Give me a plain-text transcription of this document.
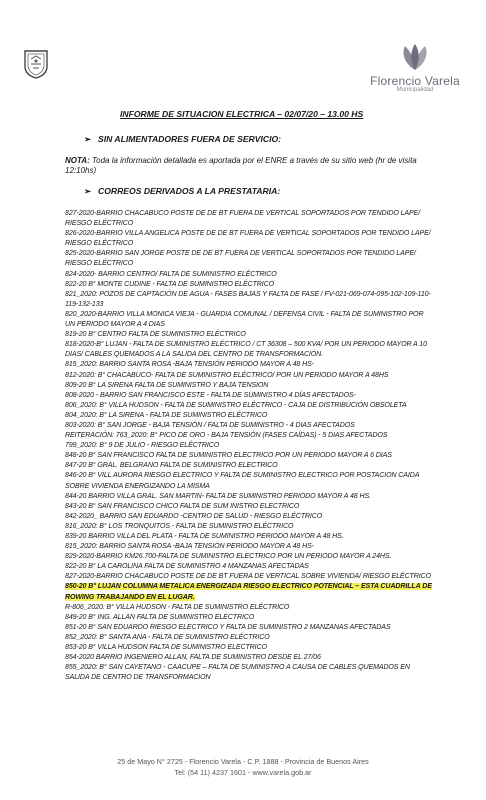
Florencio Varela
Municipalidad
INFORME DE SITUACION ELECTRICA – 02/07/20 – 13.00 HS
➢ SIN ALIMENTADORES FUERA DE SERVICIO:
NOTA: Toda la información detallada es aportada por el ENRE a través de su sitio web (hr de visita 12:10hs)
➢ CORREOS DERIVADOS A LA PRESTATARIA:

827-2020-BARRIO CHACABUCO POSTE DE DE BT FUERA DE VERTICAL SOPORTADOS POR TENDIDO LAPE/ RIESGO ELÉCTRICO

826-2020-BARRIO VILLA ANGELICA POSTE DE DE BT FUERA DE VERTICAL SOPORTADOS POR TENDIDO LAPE/ RIESGO ELÉCTRICO

825-2020-BARRIO SAN JORGE POSTE DE DE BT FUERA DE VERTICAL SOPORTADOS POR TENDIDO LAPE/ RIESGO ELÉCTRICO

824-2020- BARRIO CENTRO/ FALTA DE SUMINISTRO ELÉCTRICO

822-20 B° MONTE CUDINE - FALTA DE SUMINISTRO ELÉCTRICO

821_2020: POZOS DE CAPTACIÓN DE AGUA - FASES BAJAS Y FALTA DE FASE / FV-021-069-074-095-102-109-110-119-132-133

820_2020-BARRIO VILLA MONICA VIEJA - GUARDIA COMUNAL / DEFENSA CIVIL - FALTA DE SUMINISTRO POR UN PERIODO MAYOR A 4 DIAS

819-20 B° CENTRO FALTA DE SUMINISTRO ELÉCTRICO

818-2020-B° LUJAN - FALTA DE SUMINISTRO ELÉCTRICO / CT 36308 – 500 KVA/ POR UN PERIODO MAYOR A 10 DIAS/ CABLES QUEMADOS A LA SALIDA DEL CENTRO DE TRANSFORMACIÓN.

815_2020: BARRIO SANTA ROSA -BAJA TENSIÓN PERIODO MAYOR A 48 HS-

812-2020: B° CHACABUCO- FALTA DE SUMINISTRO ELÉCTRICO/ POR UN PERIODO MAYOR A 48HS

809-20 B° LA SIRENA FALTA DE SUMINISTRO Y BAJA TENSION

808-2020 - BARRIO SAN FRANCISCO ESTE - FALTA DE SUMINISTRO 4 DÍAS AFECTADOS-

806_2020: B° VILLA HUDSON - FALTA DE SUMINISTRO ELÉCTRICO - CAJA DE DISTRIBUCIÓN OBSOLETA

804_2020: B° LA SIRENA - FALTA DE SUMINISTRO ELÉCTRICO

803-2020: B° SAN JORGE - BAJA TENSIÓN / FALTA DE SUMINISTRO - 4 DIAS AFECTADOS

REITERACIÓN: 763_2020: B° PICO DE ORO - BAJA TENSIÓN (FASES CAÍDAS) - 5 DIAS AFECTADOS

799_2020: B° 9 DE JULIO - RIESGO ELÉCTRICO

848-20 B° SAN FRANCISCO FALTA DE SUMINISTRO ELECTRICO POR UN PERIODO MAYOR A 6 DIAS

847-20 B° GRAL. BELGRANO FALTA DE SUMINISTRO ELECTRICO

846-20 B° VILL AURORA RIESGO ELECTRICO Y FALTA DE SUMINISTRO ELECTRICO POR POSTACION CAIDA SOBRE VIVIENDA ENERGIZANDO LA MISMA

844-20 BARRIO VILLA GRAL. SAN MARTIN- FALTA DE SUMINISTRO PERIODO MAYOR A 48 HS.

843-20 B° SAN FRANCISCO CHICO FALTA DE SUM INISTRO ELECTRICO

842-2020_ BARRIO SAN EDUARDO -CENTRO DE SALUD - RIESGO ELÉCTRICO

816_2020: B° LOS TRONQUITOS - FALTA DE SUMINISTRO ELÉCTRICO

839-20 BARRIO VILLA DEL PLATA - FALTA DE SUMINISTRO PERIODO MAYOR A 48 HS.

815_2020: BARRIO SANTA ROSA -BAJA TENSIÓN PERIODO MAYOR A 48 HS-

829-2020-BARRIO KM26.700-FALTA DE SUMINISTRO ELECTRICO POR UN PERIODO MAYOR A 24HS.

822-20 B° LA CAROLINA FALTA DE SUMINISTRO 4 MANZANAS AFECTADAS

827-2020-BARRIO CHACABUCO POSTE DE DE BT FUERA DE VERTICAL SOBRE VIVIENDA/ RIESGO ELÉCTRICO

850-20 B° LUJAN COLUMNA METALICA ENERGIZADA RIESGO ELECTRICO POTENCIAL – ESTA CUADRILLA DE ROWING TRABAJANDO EN EL LUGAR.

R-806_2020: B° VILLA HUDSON - FALTA DE SUMINISTRO ELÉCTRICO

849-20 B° ING. ALLAN FALTA DE SUMINISTRO ELECTRICO

851-20 B° SAN EDUARDO RIESGO ELECTRICO Y FALTA DE SUMINISTRO 2 MANZANAS AFECTADAS

852_2020: B° SANTA ANA - FALTA DE SUMINISTRO ELÉCTRICO

853-20 B° VILLA HUDSON FALTA DE SUMINISTRO ELECTRICO

854-2020 BARRIO INGENIERO ALLAN, FALTA DE SUMINISTRO DESDE EL 27/06

855_2020: B° SAN CAYETANO - CAACUPE – FALTA DE SUMINISTRO A CAUSA DE CABLES QUEMADOS EN SALIDA DE CENTRO DE TRANSFORMACION

25 de Mayo N° 2725 - Florencio Varela - C.P. 1888 - Provincia de Buenos Aires
Tel: (54 11) 4237 1601 - www.varela.gob.ar
